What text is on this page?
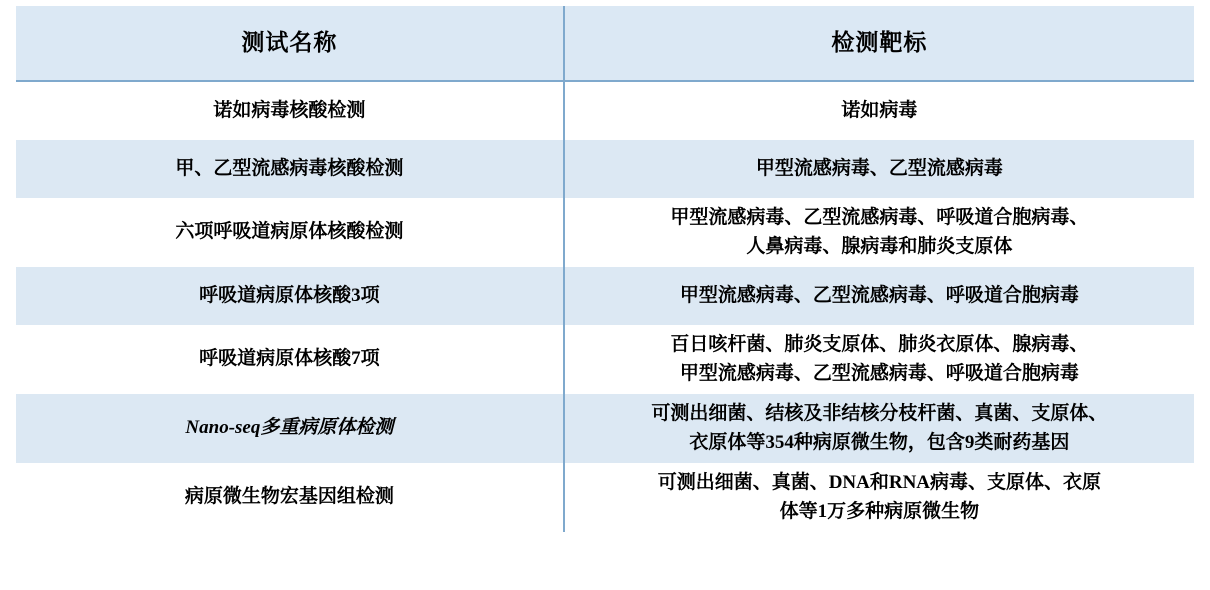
测试名称	检测靶标
诺如病毒核酸检测	诺如病毒

甲、乙型流感病毒核酸检测	甲型流感病毒、乙型流感病毒

六项呼吸道病原体核酸检测	甲型流感病毒、乙型流感病毒、呼吸道合胞病毒、
人鼻病毒、腺病毒和肺炎支原体

呼吸道病原体核酸3项	甲型流感病毒、乙型流感病毒、呼吸道合胞病毒

呼吸道病原体核酸7项	百日咳杆菌、肺炎支原体、肺炎衣原体、腺病毒、
甲型流感病毒、乙型流感病毒、呼吸道合胞病毒

Nano-seq多重病原体检测	可测出细菌、结核及非结核分枝杆菌、真菌、支原体、
衣原体等354种病原微生物，包含9类耐药基因

病原微生物宏基因组检测	可测出细菌、真菌、DNA和RNA病毒、支原体、衣原
体等1万多种病原微生物
